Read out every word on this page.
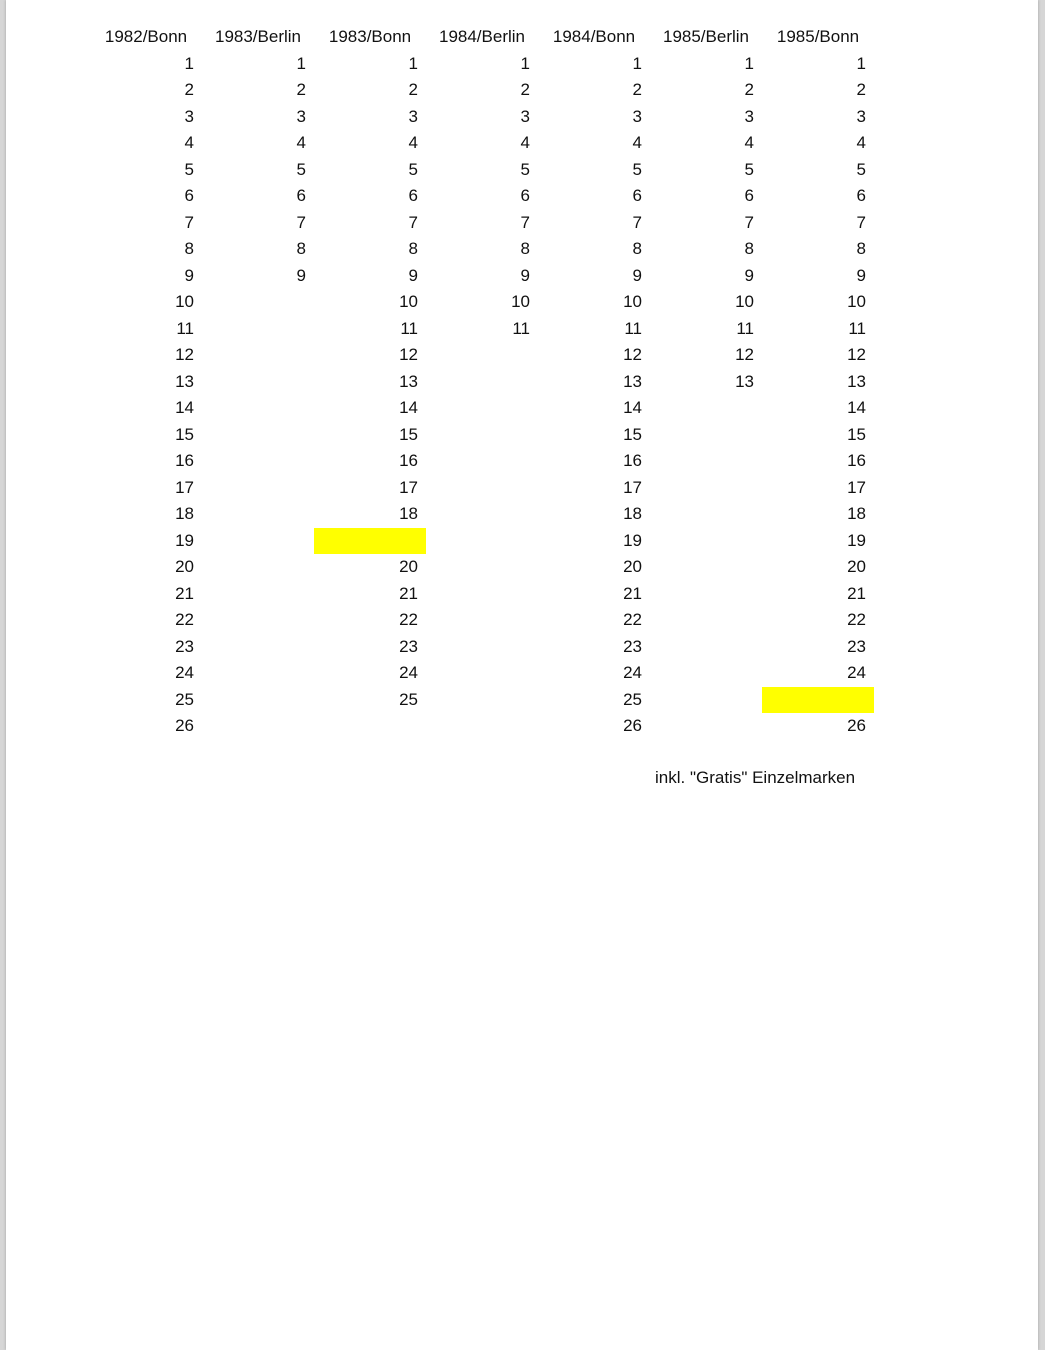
1982/Bonn	1983/Berlin	1983/Bonn	1984/Berlin	1984/Bonn	1985/Berlin	1985/Bonn
1	1	1	1	1	1	1
2	2	2	2	2	2	2
3	3	3	3	3	3	3
4	4	4	4	4	4	4
5	5	5	5	5	5	5
6	6	6	6	6	6	6
7	7	7	7	7	7	7
8	8	8	8	8	8	8
9	9	9	9	9	9	9
10		10	10	10	10	10
11		11	11	11	11	11
12		12		12	12	12
13		13		13	13	13
14		14		14		14
15		15		15		15
16		16		16		16
17		17		17		17
18		18		18		18
19				19		19
20		20		20		20
21		21		21		21
22		22		22		22
23		23		23		23
24		24		24		24
25		25		25		
26				26		26
inkl. "Gratis" Einzelmarken
